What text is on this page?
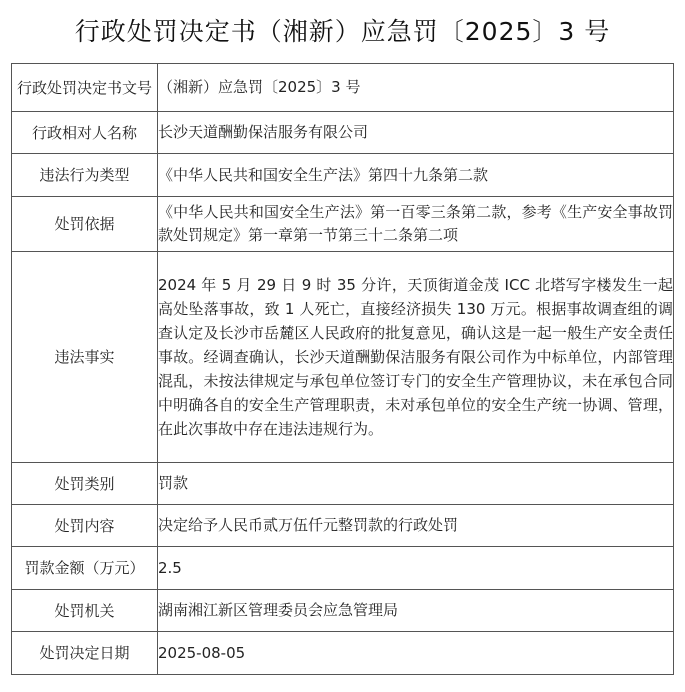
行政处罚决定书（湘新）应急罚〔2025〕3 号
行政处罚决定书文号	（湘新）应急罚〔2025〕3 号
行政相对人名称	长沙天道酬勤保洁服务有限公司
违法行为类型	《中华人民共和国安全生产法》第四十九条第二款
处罚依据	《中华人民共和国安全生产法》第一百零三条第二款，参考《生产安全事故罚款处罚规定》第一章第一节第三十二条第二项
违法事实	2024 年 5 月 29 日 9 时 35 分许，天顶街道金茂 ICC 北塔写字楼发生一起高处坠落事故，致 1 人死亡，直接经济损失 130 万元。根据事故调查组的调查认定及长沙市岳麓区人民政府的批复意见，确认这是一起一般生产安全责任事故。经调查确认，长沙天道酬勤保洁服务有限公司作为中标单位，内部管理混乱，未按法律规定与承包单位签订专门的安全生产管理协议，未在承包合同中明确各自的安全生产管理职责，未对承包单位的安全生产统一协调、管理，在此次事故中存在违法违规行为。
处罚类别	罚款
处罚内容	决定给予人民币贰万伍仟元整罚款的行政处罚
罚款金额（万元）	2.5
处罚机关	湖南湘江新区管理委员会应急管理局
处罚决定日期	2025-08-05
